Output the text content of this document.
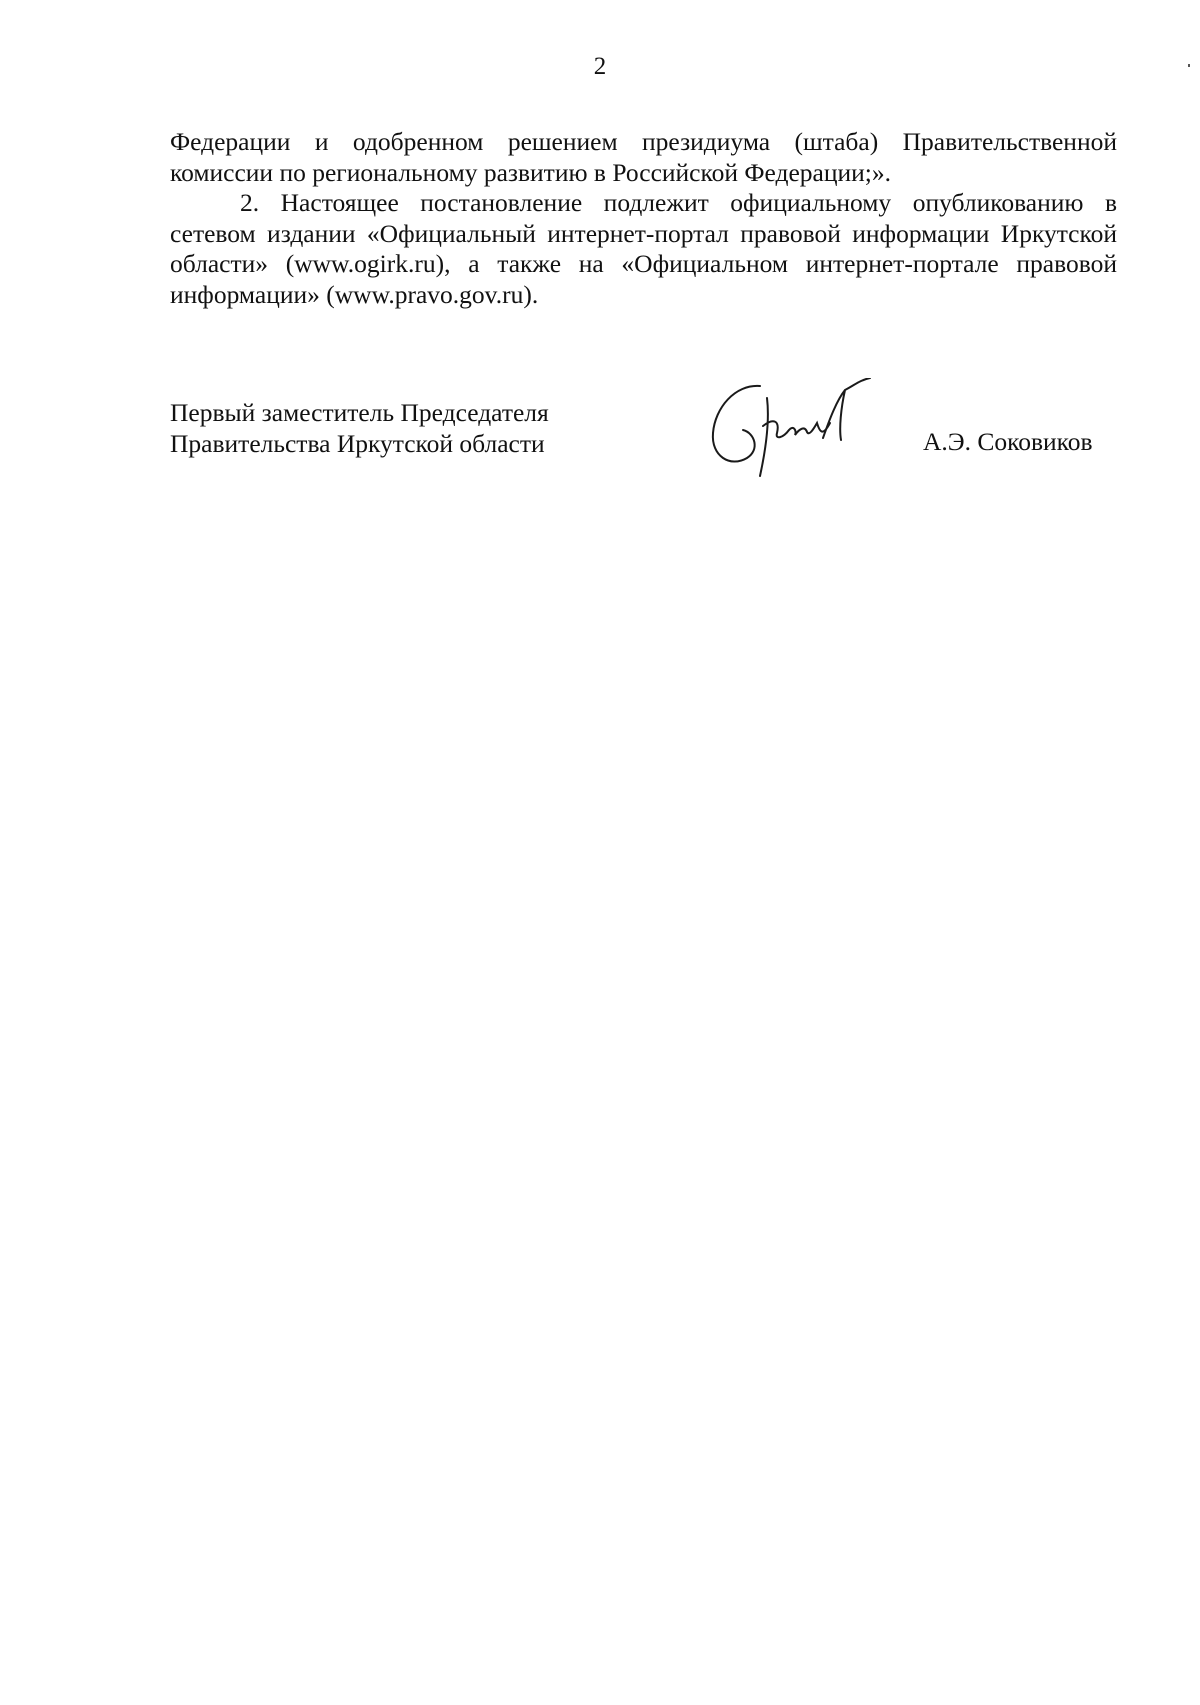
2

Федерации и одобренном решением президиума (штаба) Правительственной комиссии по региональному развитию в Российской Федерации;».

2. Настоящее постановление подлежит официальному опубликованию в сетевом издании «Официальный интернет-портал правовой информации Иркутской области» (www.ogirk.ru), а также на «Официальном интернет-портале правовой информации» (www.pravo.gov.ru).

Первый заместитель Председателя
Правительства Иркутской области	А.Э. Соковиков
